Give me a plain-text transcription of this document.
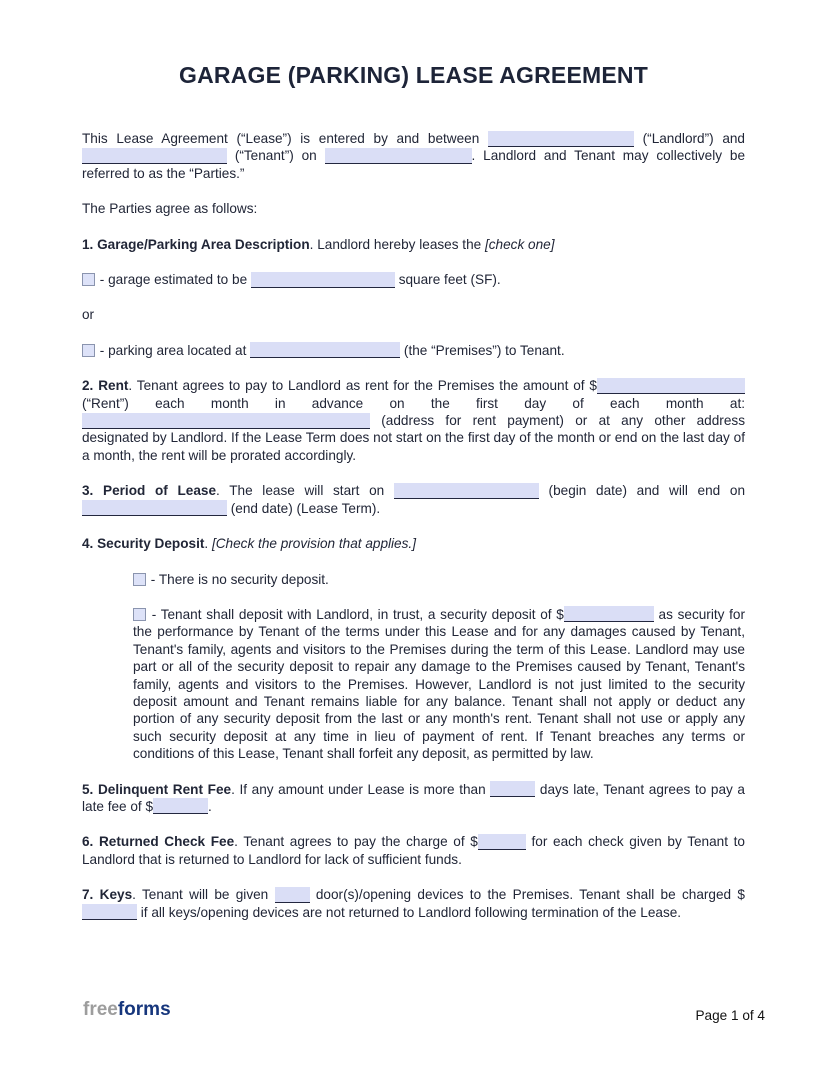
GARAGE (PARKING) LEASE AGREEMENT

This Lease Agreement (“Lease”) is entered by and between	(“Landlord”) and  (“Tenant”) on	. Landlord and Tenant may collectively be referred to as the “Parties.”

The Parties agree as follows:

1. Garage/Parking Area Description. Landlord hereby leases the [check one]

- garage estimated to be	square feet (SF).

or

- parking area located at	(the “Premises”) to Tenant.

2. Rent. Tenant agrees to pay to Landlord as rent for the Premises the amount of $ (“Rent”) each month in advance on the first day of each month at:  (address for rent payment) or at any other address designated by Landlord. If the Lease Term does not start on the first day of the month or end on the last day of a month, the rent will be prorated accordingly.

3. Period of Lease. The lease will start on	(begin date) and will end on  (end date) (Lease Term).

4. Security Deposit. [Check the provision that applies.]

- There is no security deposit.

- Tenant shall deposit with Landlord, in trust, a security deposit of $	as security for the performance by Tenant of the terms under this Lease and for any damages caused by Tenant, Tenant's family, agents and visitors to the Premises during the term of this Lease. Landlord may use part or all of the security deposit to repair any damage to the Premises caused by Tenant, Tenant's family, agents and visitors to the Premises. However, Landlord is not just limited to the security deposit amount and Tenant remains liable for any balance. Tenant shall not apply or deduct any portion of any security deposit from the last or any month's rent. Tenant shall not use or apply any such security deposit at any time in lieu of payment of rent. If Tenant breaches any terms or conditions of this Lease, Tenant shall forfeit any deposit, as permitted by law.

5. Delinquent Rent Fee. If any amount under Lease is more than	days late, Tenant agrees to pay a late fee of $	.

6. Returned Check Fee. Tenant agrees to pay the charge of $	for each check given by Tenant to Landlord that is returned to Landlord for lack of sufficient funds.

7. Keys. Tenant will be given	door(s)/opening devices to the Premises. Tenant shall be charged $ if all keys/opening devices are not returned to Landlord following termination of the Lease.

freeforms	Page 1 of 4
